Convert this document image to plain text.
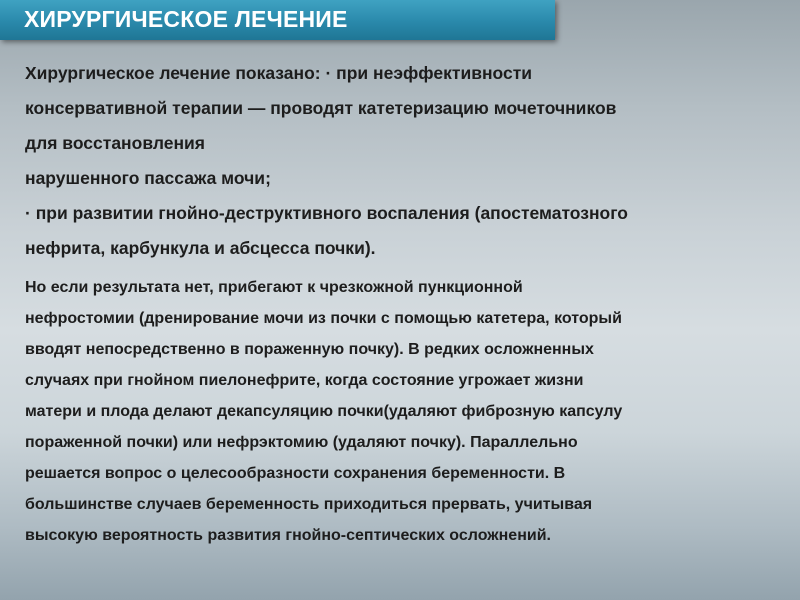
ХИРУРГИЧЕСКОЕ ЛЕЧЕНИЕ
Хирургическое лечение показано: · при неэффективности
консервативной терапии — проводят катетеризацию мочеточников
для восстановления
нарушенного пассажа мочи;
· при развитии гнойно-деструктивного воспаления (апостематозного
нефрита, карбункула и абсцесса почки).
Но если результата нет, прибегают к чрезкожной пункционной
нефростомии (дренирование мочи из почки с помощью катетера, который
вводят непосредственно в пораженную почку). В редких осложненных
случаях при гнойном пиелонефрите, когда состояние угрожает жизни
матери и плода делают декапсуляцию почки(удаляют фиброзную капсулу
пораженной почки) или нефрэктомию (удаляют почку). Параллельно
решается вопрос о целесообразности сохранения беременности. В
большинстве случаев беременность приходиться прервать, учитывая
высокую вероятность развития гнойно-септических осложнений.
